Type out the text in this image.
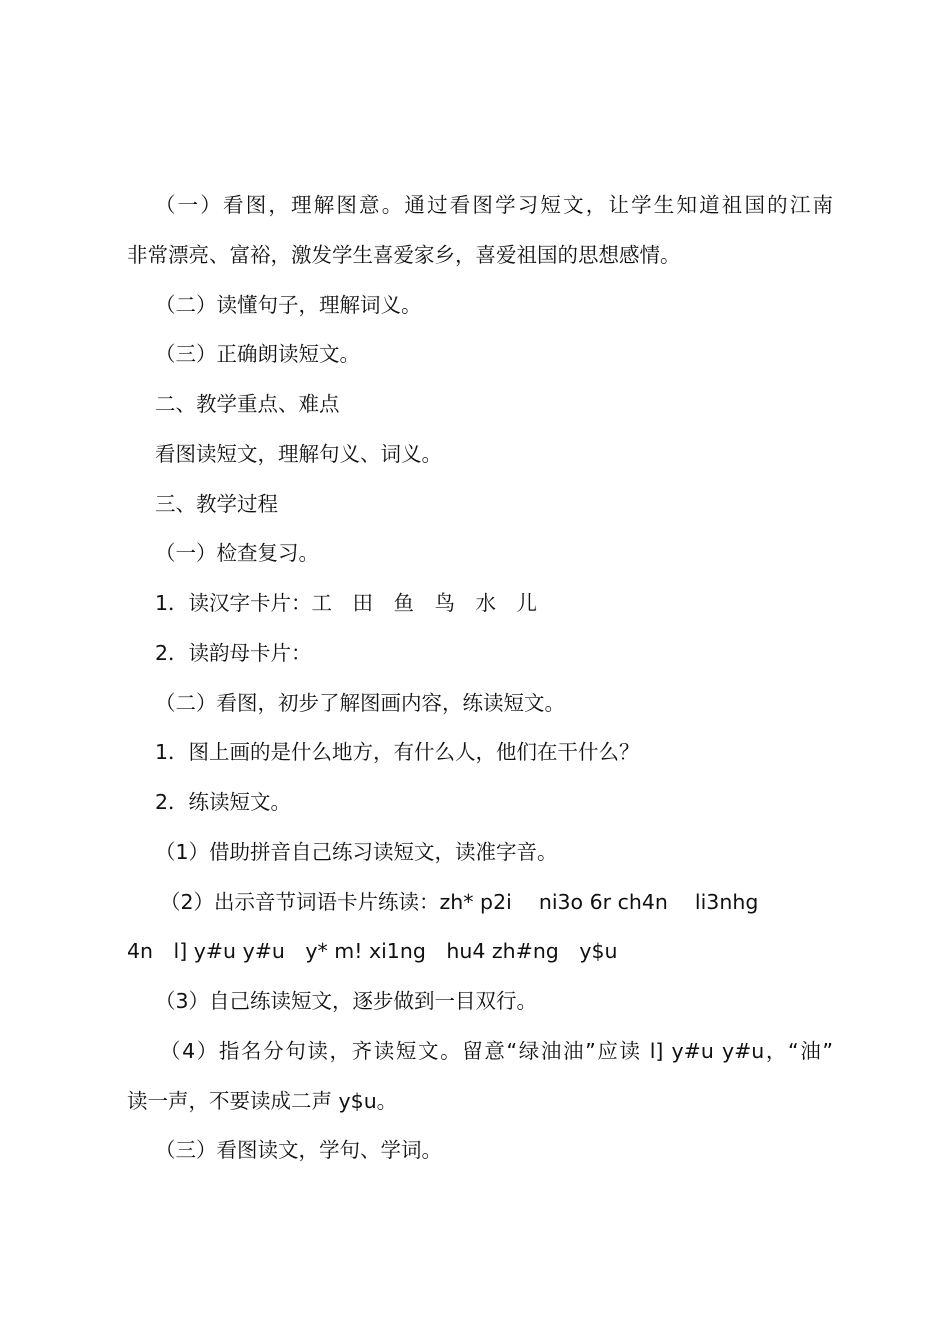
（一）看图，理解图意。通过看图学习短文，让学生知道祖国的江南
非常漂亮、富裕，激发学生喜爱家乡，喜爱祖国的思想感情。
（二）读懂句子，理解词义。
（三）正确朗读短文。
二、教学重点、难点
看图读短文，理解句义、词义。
三、教学过程
（一）检查复习。
1．读汉字卡片：工　田　鱼　鸟　水　儿
2．读韵母卡片：
（二）看图，初步了解图画内容，练读短文。
1．图上画的是什么地方，有什么人，他们在干什么？
2．练读短文。
（1）借助拼音自己练习读短文，读准字音。
（2）出示音节词语卡片练读：zh* p2i　 ni3o 6r ch4n　 li3nhg
4n　l] y#u y#u　y* m! xi1ng　hu4 zh#ng　y$u
（3）自己练读短文，逐步做到一目双行。
（4）指名分句读，齐读短文。留意“绿油油”应读 l] y#u y#u，“油”
读一声，不要读成二声 y$u。
（三）看图读文，学句、学词。
